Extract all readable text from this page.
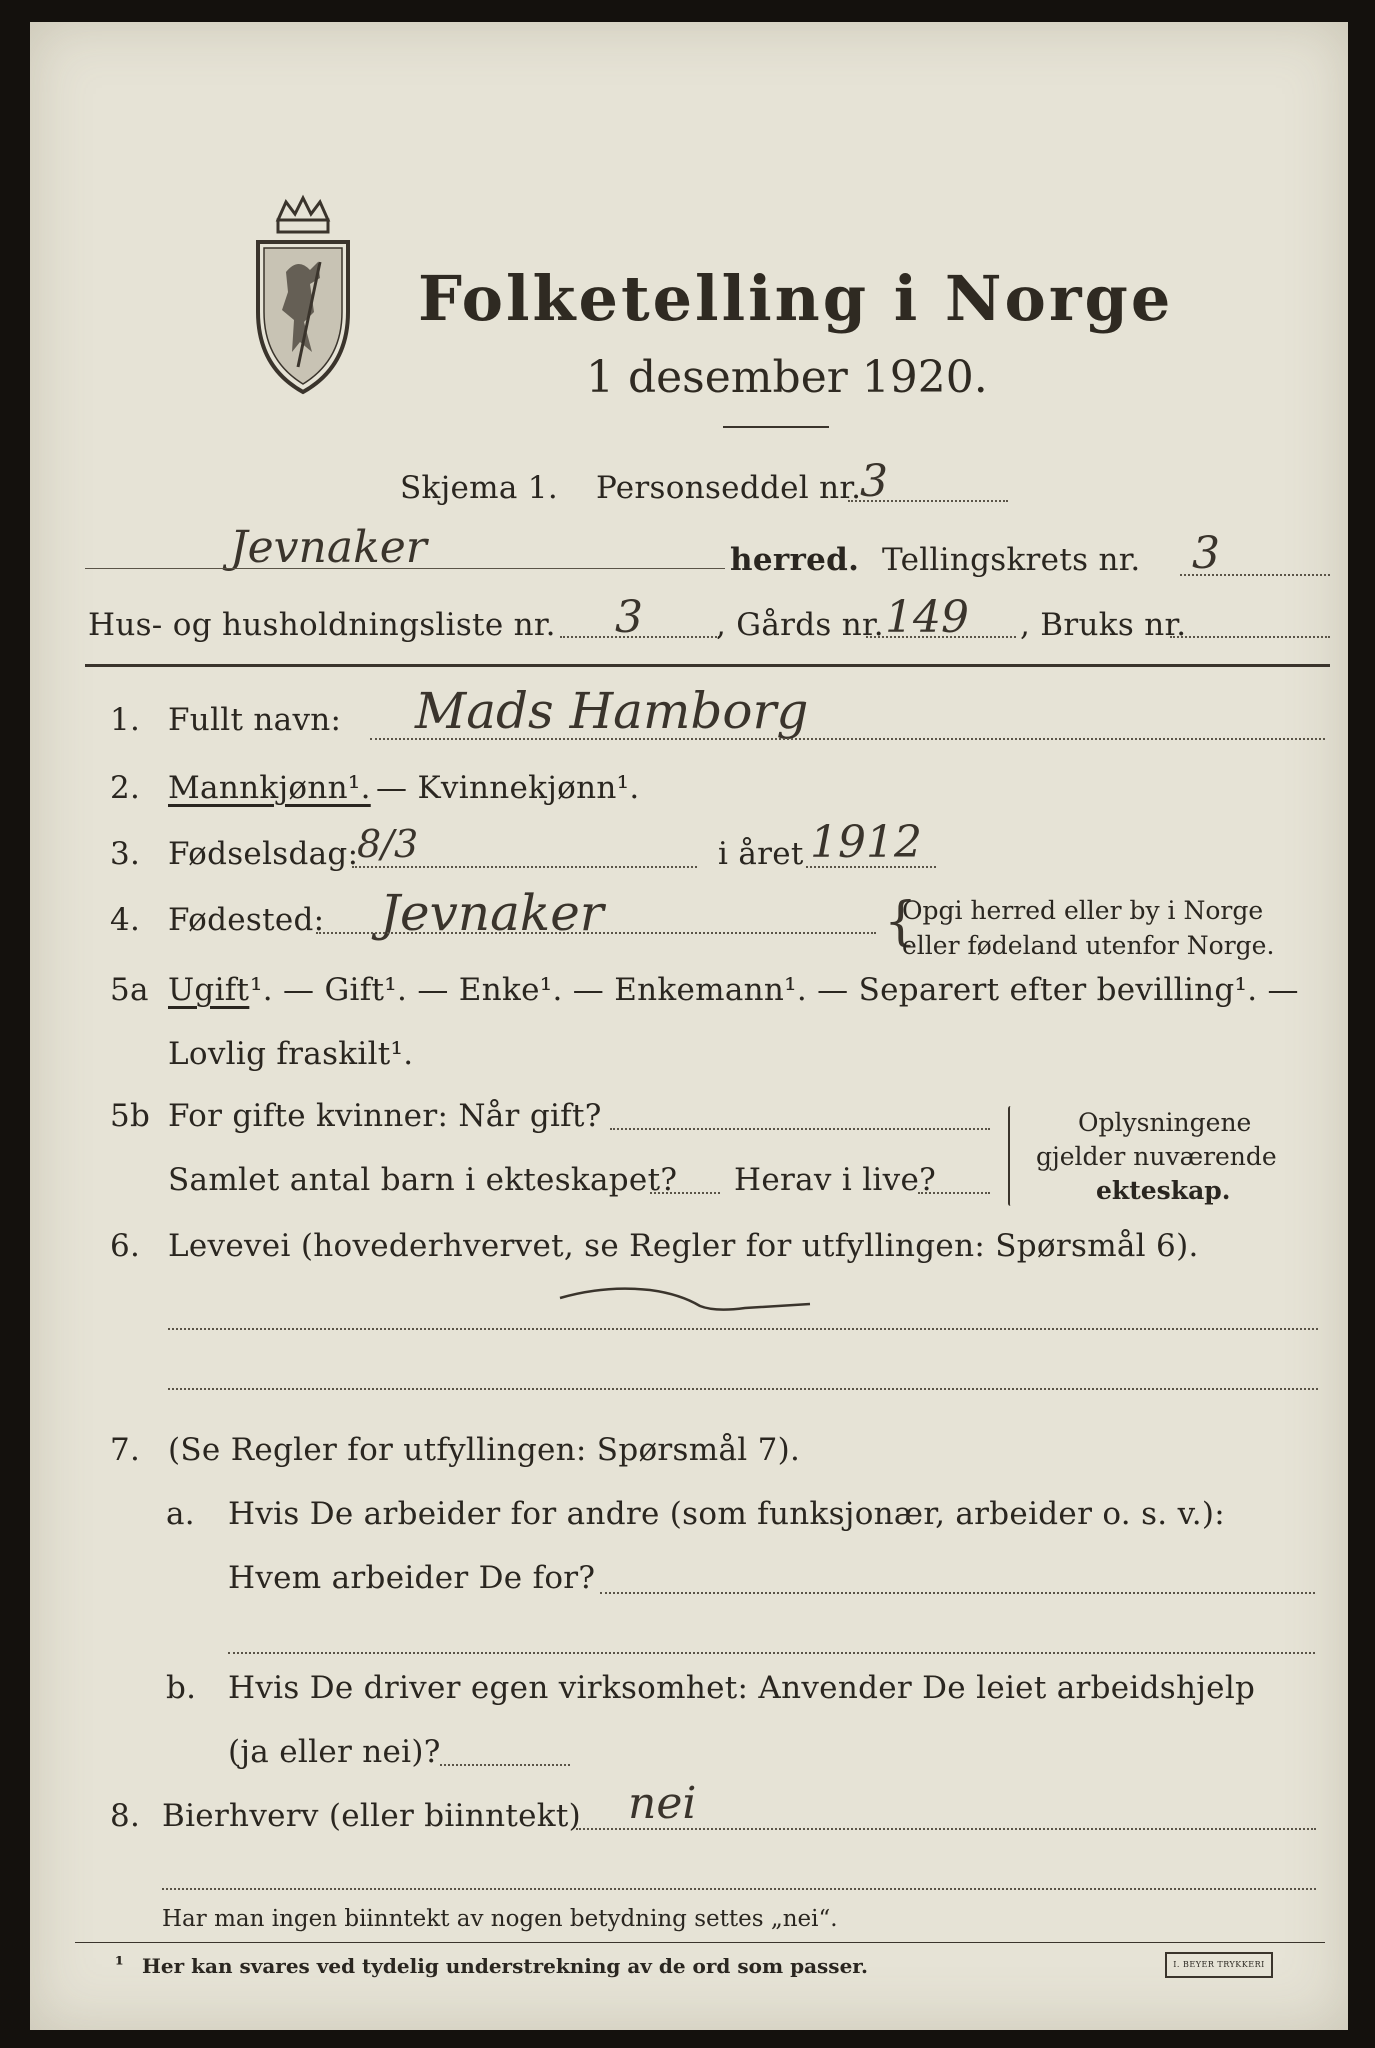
Folketelling i Norge
1 desember 1920.
Skjema 1. Personseddel nr.
3
Jevnaker	herred. Tellingskrets nr. 3
Hus- og husholdningsliste nr. 3 , Gårds nr. 149 , Bruks nr.
1. Fullt navn: Mads Hamborg
2. Mannkjønn¹. — Kvinnekjønn¹.
3. Fødselsdag:
8/3	i året 1912
4. Fødested: Jevnaker	{
Opgi herred eller by i Norge
eller fødeland utenfor Norge.
5a Ugift ¹. — Gift¹. — Enke¹. — Enkemann¹. — Separert efter bevilling¹. —
Lovlig fraskilt¹.
5b For gifte kvinner: Når gift?
Samlet antal barn i ekteskapet? Herav i live?
Oplysningene
gjelder nuværende
ekteskap.
6. Levevei (hovederhvervet, se Regler for utfyllingen: Spørsmål 6).
7. (Se Regler for utfyllingen: Spørsmål 7).
a. Hvis De arbeider for andre (som funksjonær, arbeider o. s. v.):
Hvem arbeider De for?
b. Hvis De driver egen virksomhet: Anvender De leiet arbeidshjelp
(ja eller nei)?
8. Bierhverv (eller biinntekt) nei
Har man ingen biinntekt av nogen betydning settes „nei“.
¹ Her kan svares ved tydelig understrekning av de ord som passer.	I. BEYER TRYKKERI
